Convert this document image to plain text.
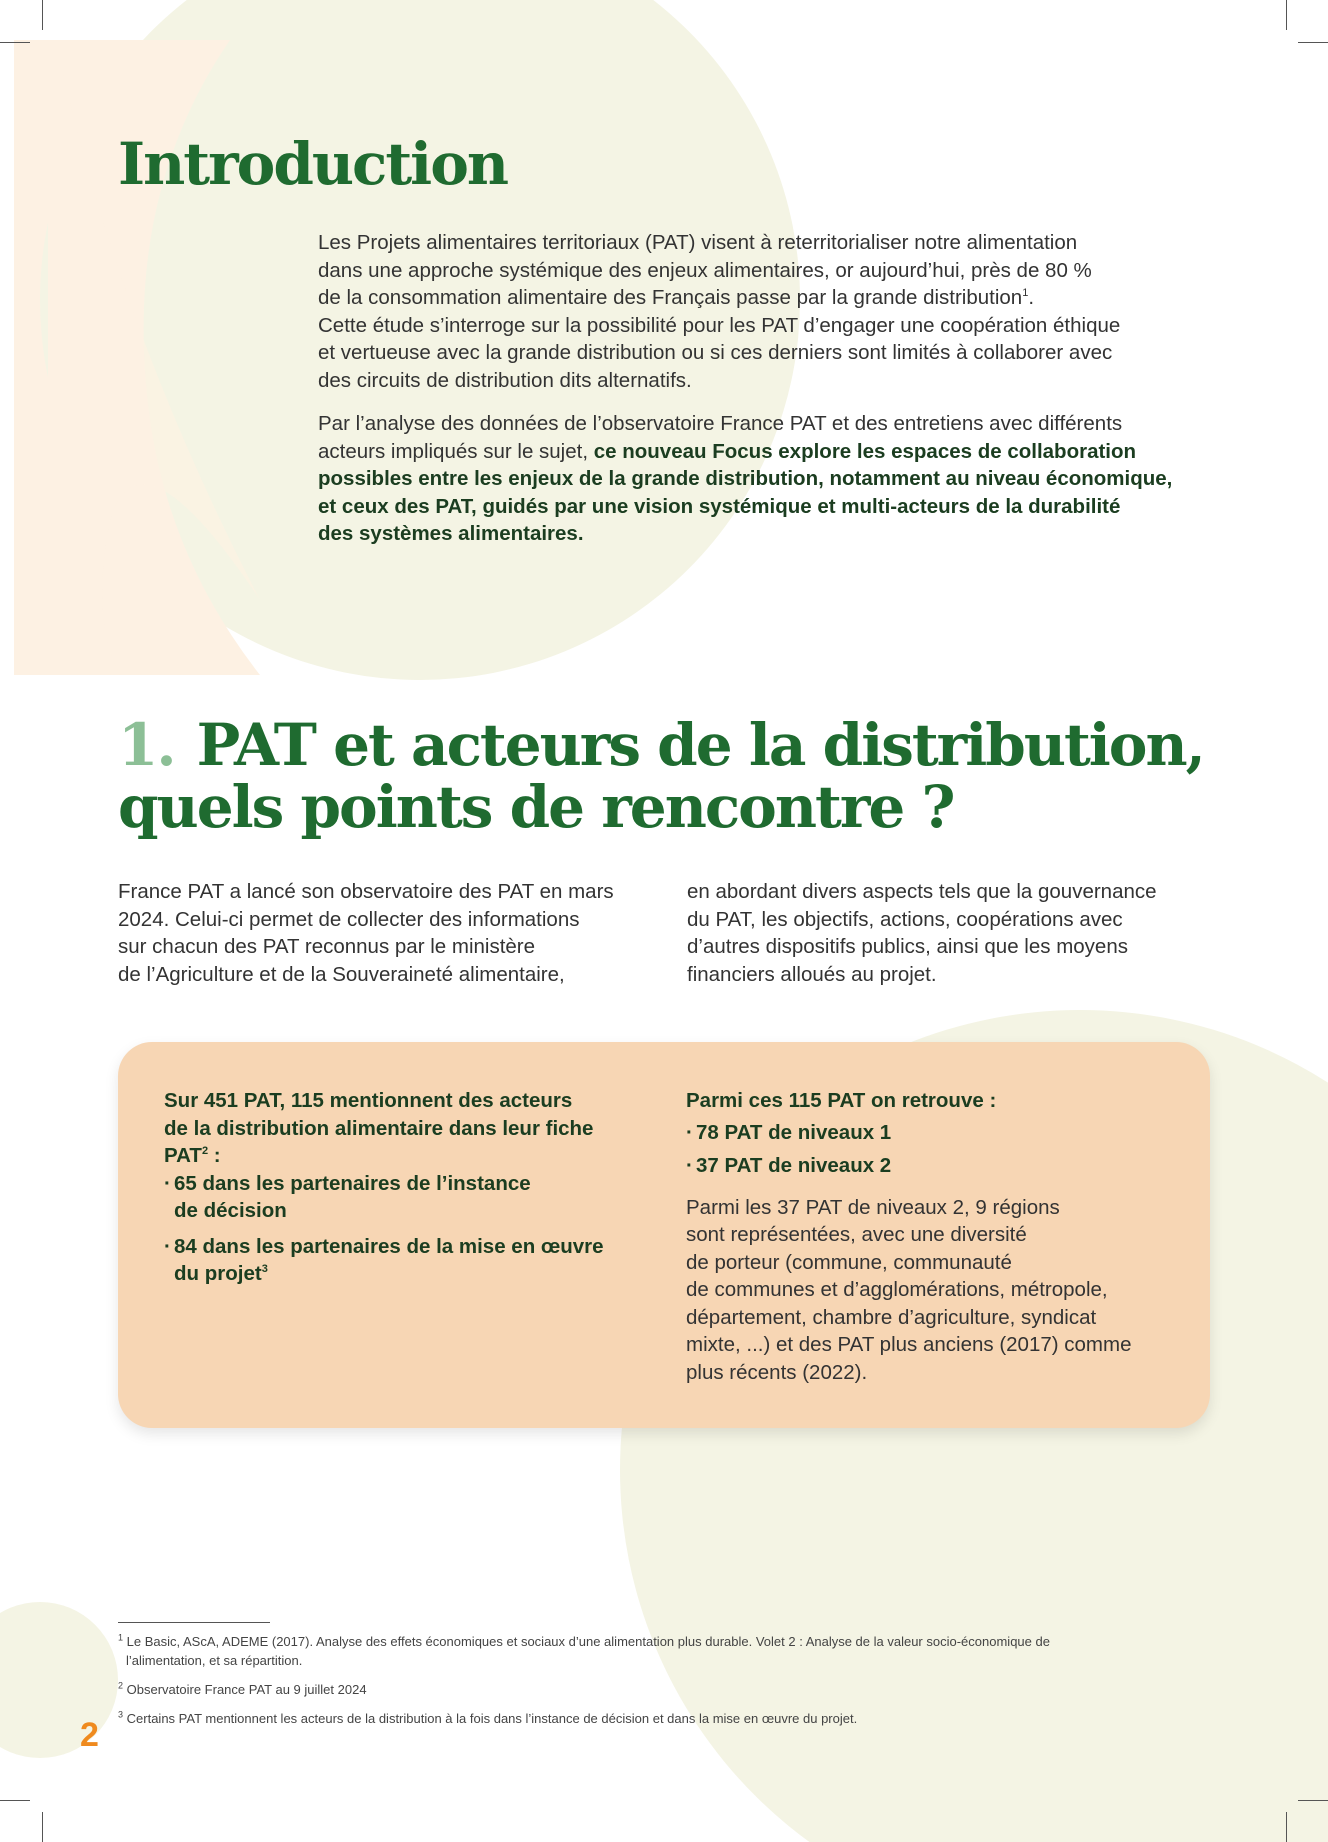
Introduction

Les Projets alimentaires territoriaux (PAT) visent à reterritorialiser notre alimentation
dans une approche systémique des enjeux alimentaires, or aujourd’hui, près de 80 %
de la consommation alimentaire des Français passe par la grande distribution$^1$.
Cette étude s’interroge sur la possibilité pour les PAT d’engager une coopération éthique
et vertueuse avec la grande distribution ou si ces derniers sont limités à collaborer avec
des circuits de distribution dits alternatifs.

Par l’analyse des données de l’observatoire France PAT et des entretiens avec différents
acteurs impliqués sur le sujet, ce nouveau Focus explore les espaces de collaboration
possibles entre les enjeux de la grande distribution, notamment au niveau économique,
et ceux des PAT, guidés par une vision systémique et multi-acteurs de la durabilité
des systèmes alimentaires.

1. PAT et acteurs de la distribution,
quels points de rencontre ?
France PAT a lancé son observatoire des PAT en mars
2024. Celui-ci permet de collecter des informations
sur chacun des PAT reconnus par le ministère
de l’Agriculture et de la Souveraineté alimentaire,
en abordant divers aspects tels que la gouvernance
du PAT, les objectifs, actions, coopérations avec
d’autres dispositifs publics, ainsi que les moyens
financiers alloués au projet.

Sur 451 PAT, 115 mentionnent des acteurs
de la distribution alimentaire dans leur fiche
PAT$^2$ :

· 65 dans les partenaires de l’instance
de décision
· 84 dans les partenaires de la mise en œuvre
du projet$^3$

Parmi ces 115 PAT on retrouve :

· 78 PAT de niveaux 1
· 37 PAT de niveaux 2

Parmi les 37 PAT de niveaux 2, 9 régions
sont représentées, avec une diversité
de porteur (commune, communauté
de communes et d’agglomérations, métropole,
département, chambre d’agriculture, syndicat
mixte, ...) et des PAT plus anciens (2017) comme
plus récents (2022).

$^1$ Le Basic, AScA, ADEME (2017). Analyse des effets économiques et sociaux d’une alimentation plus durable. Volet 2 : Analyse de la valeur socio-économique de
l’alimentation, et sa répartition.

$^2$ Observatoire France PAT au 9 juillet 2024

$^3$ Certains PAT mentionnent les acteurs de la distribution à la fois dans l’instance de décision et dans la mise en œuvre du projet.

2
